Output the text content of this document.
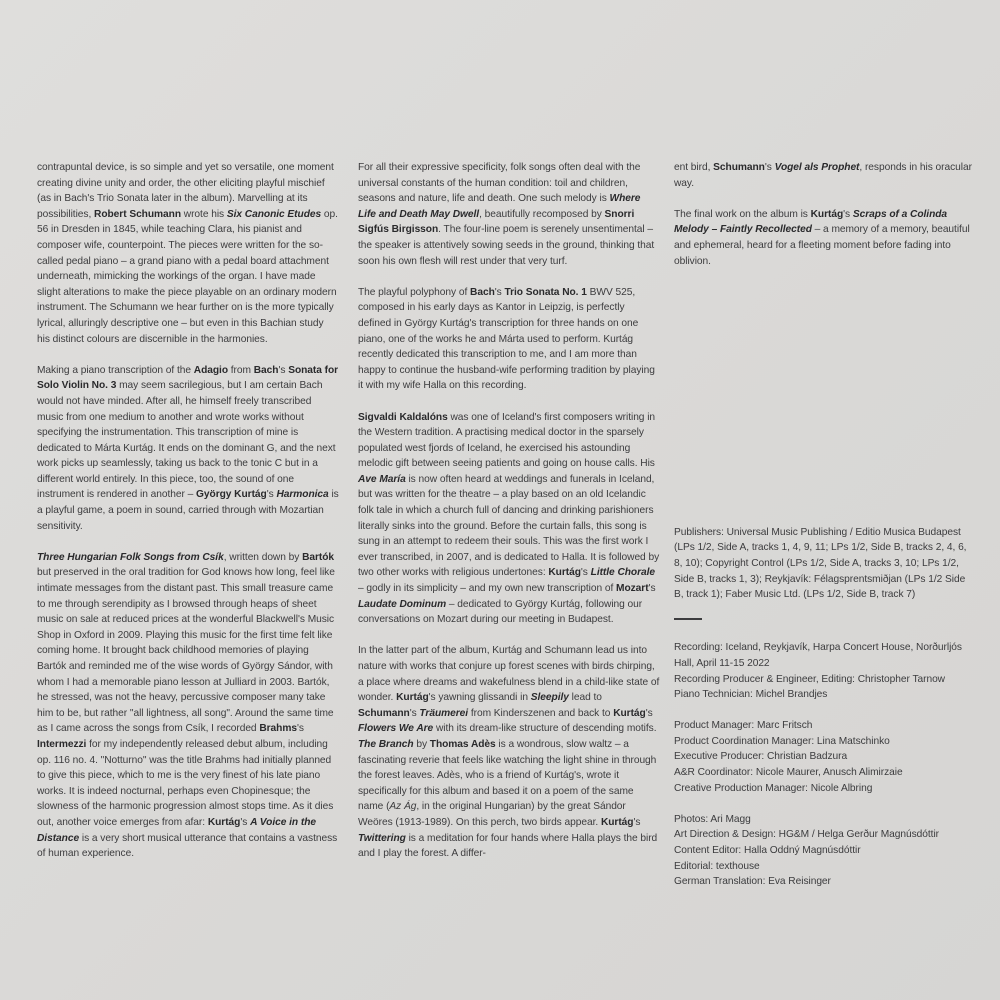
contrapuntal device, is so simple and yet so versatile, one moment creating divine unity and order, the other eliciting playful mischief (as in Bach's Trio Sonata later in the album). Marvelling at its possibilities, Robert Schumann wrote his Six Canonic Etudes op. 56 in Dresden in 1845, while teaching Clara, his pianist and composer wife, counterpoint. The pieces were written for the so-called pedal piano – a grand piano with a pedal board attachment underneath, mimicking the workings of the organ. I have made slight alterations to make the piece playable on an ordinary modern instrument. The Schumann we hear further on is the more typically lyrical, alluringly descriptive one – but even in this Bachian study his distinct colours are discernible in the harmonies.

Making a piano transcription of the Adagio from Bach's Sonata for Solo Violin No. 3 may seem sacrilegious, but I am certain Bach would not have minded. After all, he himself freely transcribed music from one medium to another and wrote works without specifying the instrumentation. This transcription of mine is dedicated to Márta Kurtág. It ends on the dominant G, and the next work picks up seamlessly, taking us back to the tonic C but in a different world entirely. In this piece, too, the sound of one instrument is rendered in another – György Kurtág's Harmonica is a playful game, a poem in sound, carried through with Mozartian sensitivity.

Three Hungarian Folk Songs from Csík, written down by Bartók but preserved in the oral tradition for God knows how long, feel like intimate messages from the distant past. This small treasure came to me through serendipity as I browsed through heaps of sheet music on sale at reduced prices at the wonderful Blackwell's Music Shop in Oxford in 2009. Playing this music for the first time felt like coming home. It brought back childhood memories of playing Bartók and reminded me of the wise words of György Sándor, with whom I had a memorable piano lesson at Julliard in 2003. Bartók, he stressed, was not the heavy, percussive composer many take him to be, but rather "all lightness, all song". Around the same time as I came across the songs from Csík, I recorded Brahms's Intermezzi for my independently released debut album, including op. 116 no. 4. "Notturno" was the title Brahms had initially planned to give this piece, which to me is the very finest of his late piano works. It is indeed nocturnal, perhaps even Chopinesque; the slowness of the harmonic progression almost stops time. As it dies out, another voice emerges from afar: Kurtág's A Voice in the Distance is a very short musical utterance that contains a vastness of human experience.

For all their expressive specificity, folk songs often deal with the universal constants of the human condition: toil and children, seasons and nature, life and death. One such melody is Where Life and Death May Dwell, beautifully recomposed by Snorri Sigfús Birgisson. The four-line poem is serenely unsentimental – the speaker is attentively sowing seeds in the ground, thinking that soon his own flesh will rest under that very turf.

The playful polyphony of Bach's Trio Sonata No. 1 BWV 525, composed in his early days as Kantor in Leipzig, is perfectly defined in György Kurtág's transcription for three hands on one piano, one of the works he and Márta used to perform. Kurtág recently dedicated this transcription to me, and I am more than happy to continue the husband-wife performing tradition by playing it with my wife Halla on this recording.

Sigvaldi Kaldalóns was one of Iceland's first composers writing in the Western tradition. A practising medical doctor in the sparsely populated west fjords of Iceland, he exercised his astounding melodic gift between seeing patients and going on house calls. His Ave María is now often heard at weddings and funerals in Iceland, but was written for the theatre – a play based on an old Icelandic folk tale in which a church full of dancing and drinking parishioners literally sinks into the ground. Before the curtain falls, this song is sung in an attempt to redeem their souls. This was the first work I ever transcribed, in 2007, and is dedicated to Halla. It is followed by two other works with religious undertones: Kurtág's Little Chorale – godly in its simplicity – and my own new transcription of Mozart's Laudate Dominum – dedicated to György Kurtág, following our conversations on Mozart during our meeting in Budapest.

In the latter part of the album, Kurtág and Schumann lead us into nature with works that conjure up forest scenes with birds chirping, a place where dreams and wakefulness blend in a child-like state of wonder. Kurtág's yawning glissandi in Sleepily lead to Schumann's Träumerei from Kinderszenen and back to Kurtág's Flowers We Are with its dream-like structure of descending motifs. The Branch by Thomas Adès is a wondrous, slow waltz – a fascinating reverie that feels like watching the light shine in through the forest leaves. Adès, who is a friend of Kurtág's, wrote it specifically for this album and based it on a poem of the same name (Az Ág, in the original Hungarian) by the great Sándor Weöres (1913-1989). On this perch, two birds appear. Kurtág's Twittering is a meditation for four hands where Halla plays the bird and I play the forest. A differ-

ent bird, Schumann's Vogel als Prophet, responds in his oracular way.

The final work on the album is Kurtág's Scraps of a Colinda Melody – Faintly Recollected – a memory of a memory, beautiful and ephemeral, heard for a fleeting moment before fading into oblivion.

Publishers: Universal Music Publishing / Editio Musica Budapest (LPs 1/2, Side A, tracks 1, 4, 9, 11; LPs 1/2, Side B, tracks 2, 4, 6, 8, 10); Copyright Control (LPs 1/2, Side A, tracks 3, 10; LPs 1/2, Side B, tracks 1, 3); Reykjavík: Félagsprentsmiðjan (LPs 1/2 Side B, track 1); Faber Music Ltd. (LPs 1/2, Side B, track 7)

Recording: Iceland, Reykjavík, Harpa Concert House, Norðurljós Hall, April 11-15 2022
Recording Producer & Engineer, Editing: Christopher Tarnow
Piano Technician: Michel Brandjes

Product Manager: Marc Fritsch
Product Coordination Manager: Lina Matschinko
Executive Producer: Christian Badzura
A&R Coordinator: Nicole Maurer, Anusch Alimirzaie
Creative Production Manager: Nicole Albring

Photos: Ari Magg
Art Direction & Design: HG&M / Helga Gerður Magnúsdóttir
Content Editor: Halla Oddný Magnúsdóttir
Editorial: texthouse
German Translation: Eva Reisinger
